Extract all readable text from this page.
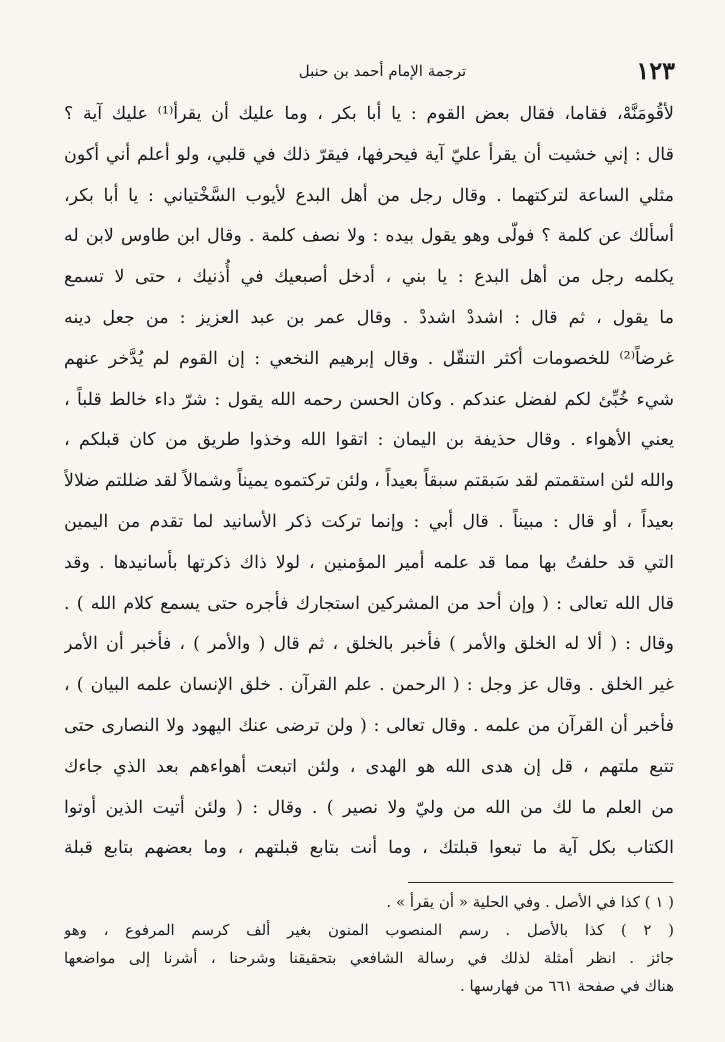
١٢٣
ترجمة الإمام أحمد بن حنبل
لأقُومَنَّهْ، فقاما، فقال بعض القوم : يا أبا بكر ، وما عليك أن يقرأ⁽¹⁾ عليك آية ؟
قال : إني خشيت أن يقرأ عليّ آية فيحرفها، فيقرّ ذلك في قلبي، ولو أعلم أني أكون
مثلي الساعة لتركتهما . وقال رجل من أهل البدع لأيوب السَّخْتياني : يا أبا بكر،
أسألك عن كلمة ؟ فولّى وهو يقول بيده : ولا نصف كلمة . وقال ابن طاوس لابن له
يكلمه رجل من أهل البدع : يا بني ، أدخل أصبعيك في أُذنيك ، حتى لا تسمع
ما يقول ، ثم قال : اشددْ اشددْ . وقال عمر بن عبد العزيز : من جعل دينه
غرضاً⁽²⁾ للخصومات أكثر التنقّل . وقال إبرهيم النخعي : إن القوم لم يُدَّخر عنهم
شيء خُبِّئ لكم لفضل عندكم . وكان الحسن رحمه الله يقول : شرّ داء خالط قلباً ،
يعني الأهواء . وقال حذيفة بن اليمان : اتقوا الله وخذوا طريق من كان قبلكم ،
والله لئن استقمتم لقد سَبقتم سبقاً بعيداً ، ولئن تركتموه يميناً وشمالاً لقد ضللتم ضلالاً
بعيداً ، أو قال : مبيناً . قال أبي : وإنما تركت ذكر الأسانيد لما تقدم من اليمين
التي قد حلفتُ بها مما قد علمه أمير المؤمنين ، لولا ذاك ذكرتها بأسانيدها . وقد
قال الله تعالى : ( وإن أحد من المشركين استجارك فأجره حتى يسمع كلام الله ) .
وقال : ( ألا له الخلق والأمر ) فأخبر بالخلق ، ثم قال ( والأمر ) ، فأخبر أن الأمر
غير الخلق . وقال عز وجل : ( الرحمن . علم القرآن . خلق الإنسان علمه البيان ) ،
فأخبر أن القرآن من علمه . وقال تعالى : ( ولن ترضى عنك اليهود ولا النصارى حتى
تتبع ملتهم ، قل إن هدى الله هو الهدى ، ولئن اتبعت أهواءهم بعد الذي جاءك
من العلم ما لك من الله من وليّ ولا نصير ) . وقال : ( ولئن أتيت الذين أوتوا
الكتاب بكل آية ما تبعوا قبلتك ، وما أنت بتابع قبلتهم ، وما بعضهم بتابع قبلة
( ١ ) كذا في الأصل . وفي الحلية « أن يقرأ » .
( ٢ ) كذا بالأصل . رسم المنصوب المنون بغير ألف كرسم المرفوع ، وهو
جائز . انظر أمثلة لذلك في رسالة الشافعي بتحقيقنا وشرحنا ، أشرنا إلى مواضعها
هناك في صفحة ٦٦١ من فهارسها .
